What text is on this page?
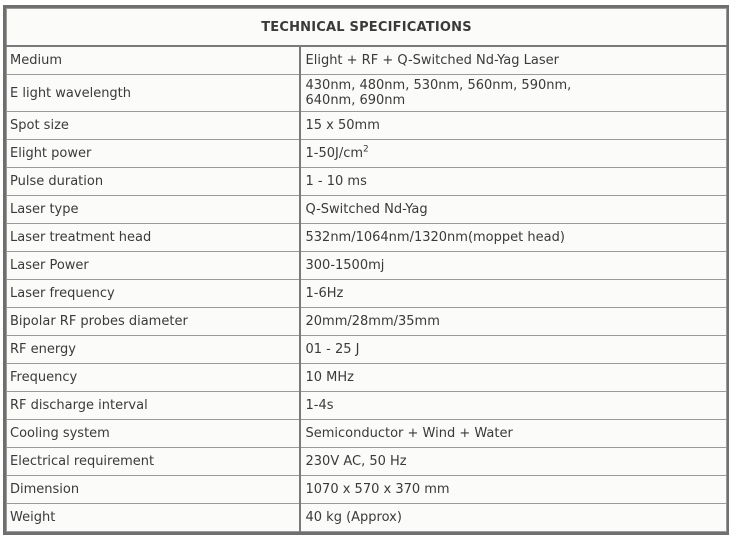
TECHNICAL SPECIFICATIONS	
Medium	Elight + RF + Q-Switched Nd-Yag Laser
E light wavelength	430nm, 480nm, 530nm, 560nm, 590nm,
640nm, 690nm

Spot size	15 x 50mm
Elight power	$1-50J/cm^2$
Pulse duration	1 - 10 ms
Laser type	Q-Switched Nd-Yag
Laser treatment head	532nm/1064nm/1320nm(moppet head)
Laser Power	300-1500mj
Laser frequency	1-6Hz
Bipolar RF probes diameter	20mm/28mm/35mm
RF energy	01 - 25 J
Frequency	10 MHz
RF discharge interval	1-4s
Cooling system	Semiconductor + Wind + Water
Electrical requirement	230V AC, 50 Hz
Dimension	1070 x 570 x 370 mm
Weight	40 kg (Approx)
